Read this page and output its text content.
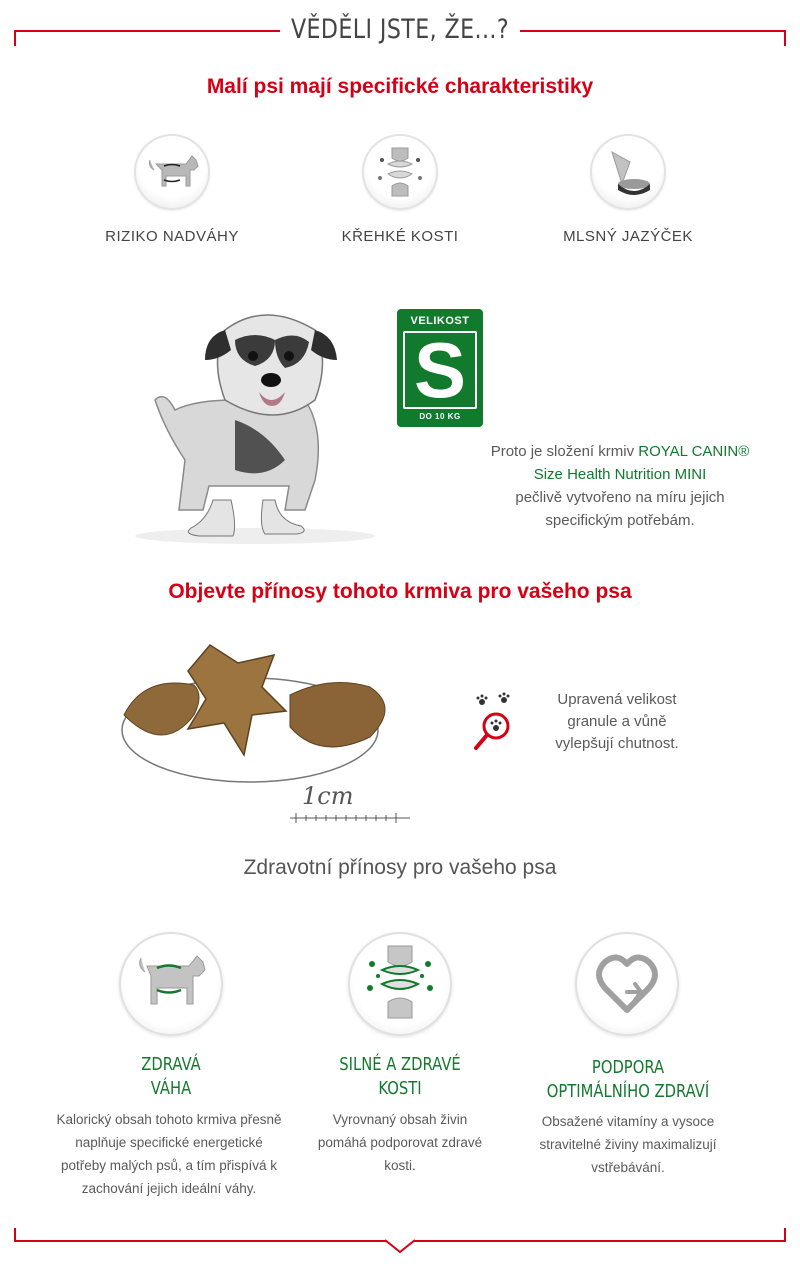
VĚDĚLI JSTE, ŽE...?
Malí psi mají specifické charakteristiky
RIZIKO NADVÁHY	KŘEHKÉ KOSTI	MLSNÝ JAZÝČEK
VELIKOST
S
DO 10 KG
Proto je složení krmiv ROYAL CANIN®
Size Health Nutrition MINI
pečlivě vytvořeno na míru jejich specifickým potřebám.
Objevte přínosy tohoto krmiva pro vašeho psa
1cm
Upravená velikost granule a vůně vylepšují chutnost.
Zdravotní přínosy pro vašeho psa
ZDRAVÁ
VÁHA
Kalorický obsah tohoto krmiva přesně naplňuje specifické energetické potřeby malých psů, a tím přispívá k zachování jejich ideální váhy.
SILNÉ A ZDRAVÉ
KOSTI
Vyrovnaný obsah živin pomáhá podporovat zdravé kosti.
PODPORA
OPTIMÁLNÍHO ZDRAVÍ
Obsažené vitamíny a vysoce stravitelné živiny maximalizují vstřebávání.
